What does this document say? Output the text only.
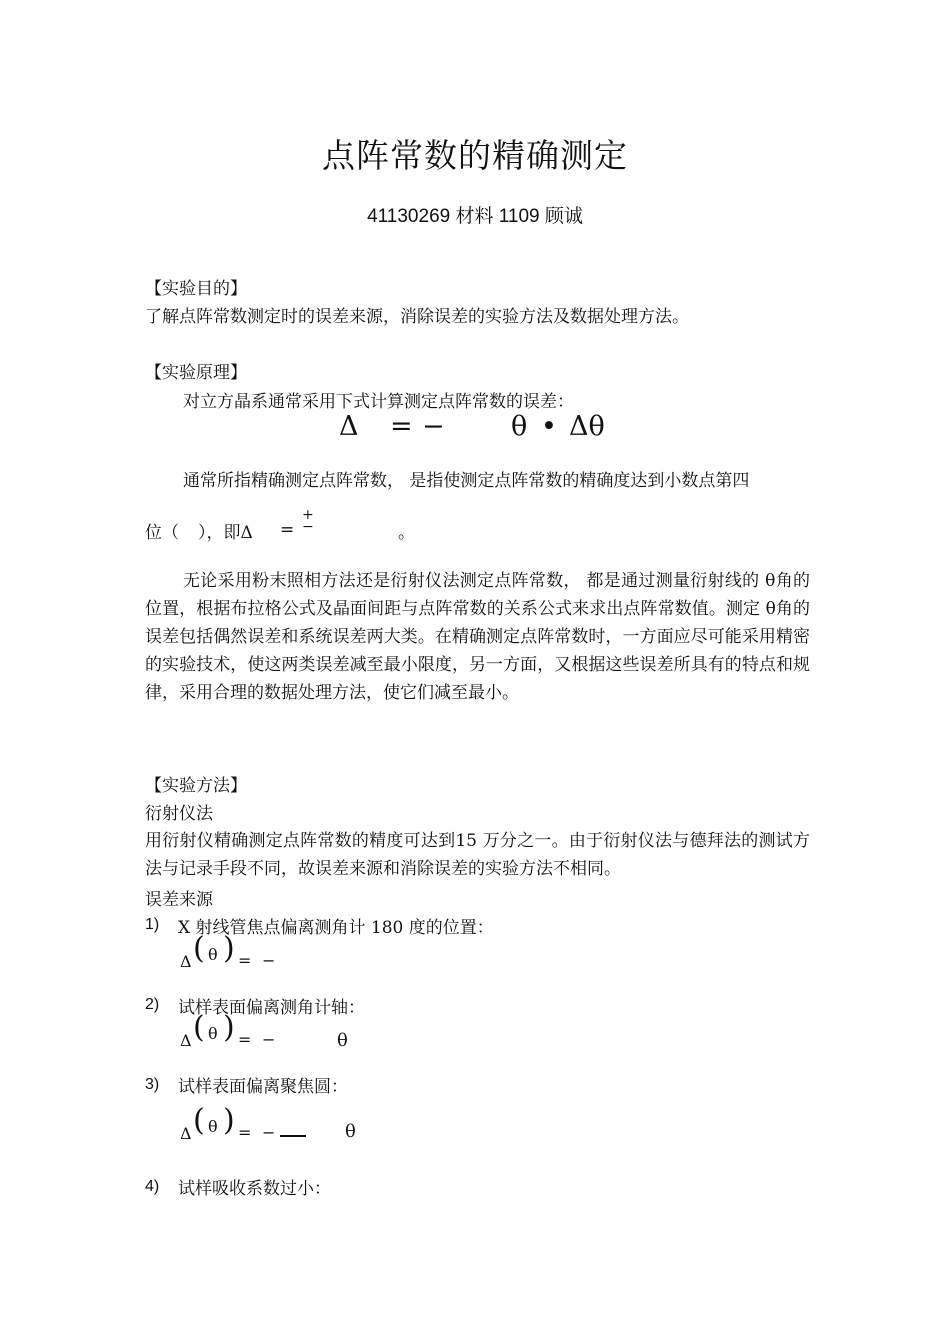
点阵常数的精确测定
41130269 材料 1109 顾诚
【实验目的】
了解点阵常数测定时的误差来源，消除误差的实验方法及数据处理方法。
【实验原理】
对立方晶系通常采用下式计算测定点阵常数的误差：
Δ = − θ • Δθ
通常所指精确测定点阵常数， 是指使测定点阵常数的精确度达到小数点第四
位（ ），即Δ =
+
−	。
无论采用粉末照相方法还是衍射仪法测定点阵常数， 都是通过测量衍射线的 θ角的位置，根据布拉格公式及晶面间距与点阵常数的关系公式来求出点阵常数值。测定 θ角的误差包括偶然误差和系统误差两大类。在精确测定点阵常数时，一方面应尽可能采用精密的实验技术，使这两类误差减至最小限度，另一方面，又根据这些误差所具有的特点和规律，采用合理的数据处理方法，使它们减至最小。
【实验方法】
衍射仪法
用衍射仪精确测定点阵常数的精度可达到15 万分之一。由于衍射仪法与德拜法的测试方法与记录手段不同，故误差来源和消除误差的实验方法不相同。
误差来源
1) X 射线管焦点偏离测角计 180 度的位置：
Δ ( θ ) = −
2) 试样表面偏离测角计轴：
Δ ( θ ) = −	θ
3) 试样表面偏离聚焦圆：
Δ ( θ ) = −	θ
4) 试样吸收系数过小：
